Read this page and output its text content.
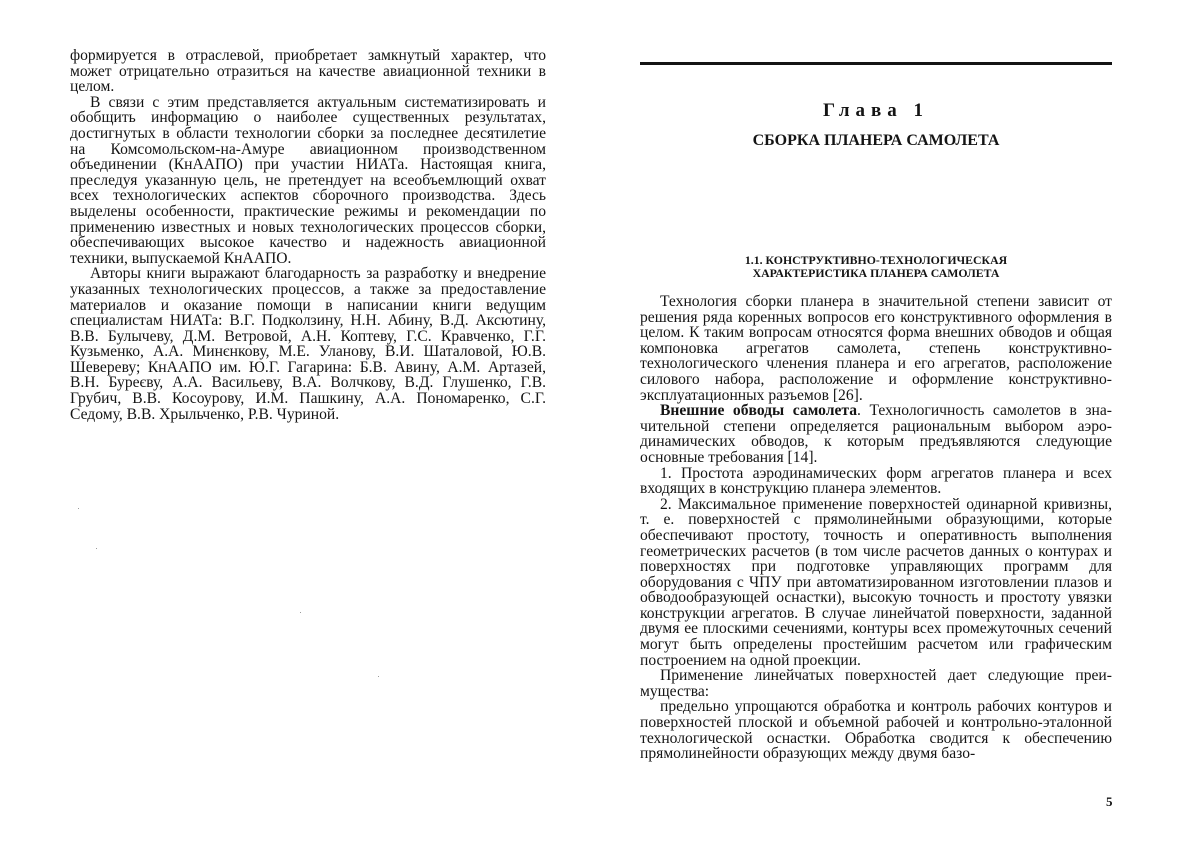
формируется в отраслевой, приобретает замкнутый характер, что может отрицательно отразиться на качестве авиационной техники в целом.

В связи с этим представляется актуальным систематизировать и обобщить информацию о наиболее существенных результатах, достигнутых в области технологии сборки за последнее десятилетие на Комсомольском-на-Амуре авиационном производственном объединении (КнААПО) при участии НИАТа. Настоящая книга, преследуя указанную цель, не претендует на всеобъемлющий охват всех технологических аспектов сборочного производства. Здесь выделены особенности, практические режимы и рекомендации по применению известных и новых технологических процессов сборки, обеспечивающих высокое качество и надежность авиационной техники, выпускаемой КнААПО.

Авторы книги выражают благодарность за разработку и внедрение указанных технологических процессов, а также за предоставление материалов и оказание помощи в написании книги ведущим специалистам НИАТа: В.Г. Подколзину, Н.Н. Абину, В.Д. Аксютину, В.В. Булычеву, Д.М. Ветровой, А.Н. Коптеву, Г.С. Кравченко, Г.Г. Кузьменко, А.А. Минєнкову, М.Е. Уланову, В.И. Шаталовой, Ю.В. Шевереву; КнААПО им. Ю.Г. Гагарина: Б.В. Авину, А.М. Артазей, В.Н. Буреєву, А.А. Васильеву, В.А. Волчкову, В.Д. Глушенко, Г.В. Грубич, В.В. Косоурову, И.М. Пашкину, А.А. Пономаренко, С.Г. Седому, В.В. Хрыльченко, Р.В. Чуриной.

Глава 1
СБОРКА ПЛАНЕРА САМОЛЕТА
1.1. КОНСТРУКТИВНО-ТЕХНОЛОГИЧЕСКАЯ
ХАРАКТЕРИСТИКА ПЛАНЕРА САМОЛЕТА

Технология сборки планера в значительной степени зависит от решения ряда коренных вопросов его конструктивного оформления в целом. К таким вопросам относятся форма внешних обводов и общая компоновка агрегатов самолета, степень конструктивно-технологического членения планера и его агрегатов, расположение силового набора, расположение и оформление конструктивно-эксплуатационных разъемов [26].

Внешние обводы самолета. Технологичность самолетов в значительной степени определяется рациональным выбором аэродинамических обводов, к которым предъявляются следующие основные требования [14].

1. Простота аэродинамических форм агрегатов планера и всех входящих в конструкцию планера элементов.

2. Максимальное применение поверхностей одинарной кривизны, т. е. поверхностей с прямолинейными образующими, которые обеспечивают простоту, точность и оперативность выполнения геометрических расчетов (в том числе расчетов данных о контурах и поверхностях при подготовке управляющих программ для оборудования с ЧПУ при автоматизированном изготовлении плазов и обводообразующей оснастки), высокую точность и простоту увязки конструкции агрегатов. В случае линейчатой поверхности, заданной двумя ее плоскими сечениями, контуры всех промежуточных сечений могут быть определены простейшим расчетом или графическим построением на одной проекции.

Применение линейчатых поверхностей дает следующие преимущества:

предельно упрощаются обработка и контроль рабочих контуров и поверхностей плоской и объемной рабочей и контрольно-эталонной технологической оснастки. Обработка сводится к обеспечению прямолинейности образующих между двумя базо-

5
